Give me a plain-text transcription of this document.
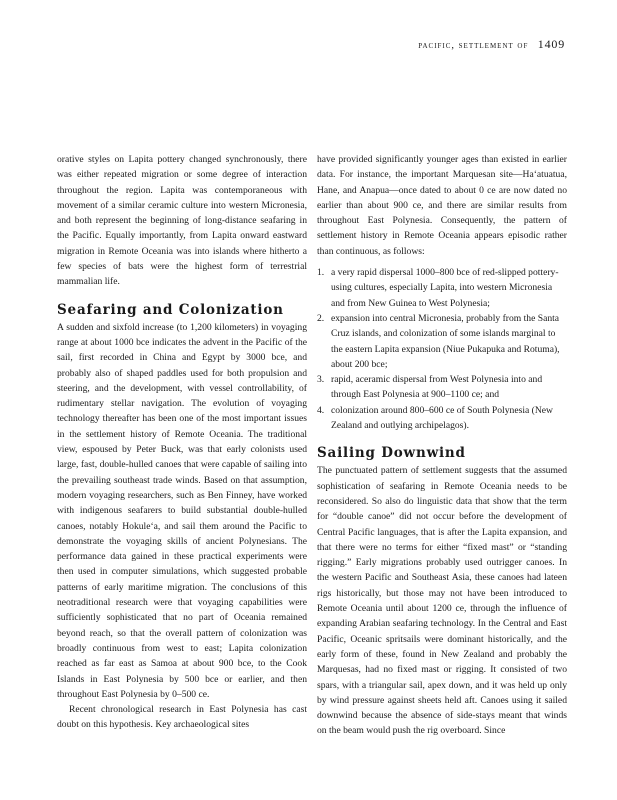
pacific, settlement of 1409

orative styles on Lapita pottery changed synchronously, there was either repeated migration or some degree of interaction throughout the region. Lapita was contemporaneous with movement of a similar ceramic culture into western Micronesia, and both represent the beginning of long-distance seafaring in the Pacific. Equally importantly, from Lapita onward eastward migration in Remote Oceania was into islands where hitherto a few species of bats were the highest form of terrestrial mammalian life.

Seafaring and Colonization

A sudden and sixfold increase (to 1,200 kilometers) in voyaging range at about 1000 bce indicates the advent in the Pacific of the sail, first recorded in China and Egypt by 3000 bce, and probably also of shaped paddles used for both propulsion and steering, and the development, with vessel controllability, of rudimentary stellar navigation. The evolution of voyaging technology thereafter has been one of the most important issues in the settlement history of Remote Oceania. The traditional view, espoused by Peter Buck, was that early colonists used large, fast, double-hulled canoes that were capable of sailing into the prevailing southeast trade winds. Based on that assumption, modern voyaging researchers, such as Ben Finney, have worked with indigenous seafarers to build substantial double-hulled canoes, notably Hokule‘a, and sail them around the Pacific to demonstrate the voyaging skills of ancient Polynesians. The performance data gained in these practical experiments were then used in computer simulations, which suggested probable patterns of early maritime migration. The conclusions of this neotraditional research were that voyaging capabilities were sufficiently sophisticated that no part of Oceania remained beyond reach, so that the overall pattern of colonization was broadly continuous from west to east; Lapita colonization reached as far east as Samoa at about 900 bce, to the Cook Islands in East Polynesia by 500 bce or earlier, and then throughout East Polynesia by 0–500 ce.

Recent chronological research in East Polynesia has cast doubt on this hypothesis. Key archaeological sites

have provided significantly younger ages than existed in earlier data. For instance, the important Marquesan site—Ha‘atuatua, Hane, and Anapua—once dated to about 0 ce are now dated no earlier than about 900 ce, and there are similar results from throughout East Polynesia. Consequently, the pattern of settlement history in Remote Oceania appears episodic rather than continuous, as follows:

1. a very rapid dispersal 1000–800 bce of red-slipped pottery-using cultures, especially Lapita, into western Micronesia and from New Guinea to West Polynesia;
2. expansion into central Micronesia, probably from the Santa Cruz islands, and colonization of some islands marginal to the eastern Lapita expansion (Niue Pukapuka and Rotuma), about 200 bce;
3. rapid, aceramic dispersal from West Polynesia into and through East Polynesia at 900–1100 ce; and
4. colonization around 800–600 ce of South Polynesia (New Zealand and outlying archipelagos).
Sailing Downwind

The punctuated pattern of settlement suggests that the assumed sophistication of seafaring in Remote Oceania needs to be reconsidered. So also do linguistic data that show that the term for “double canoe” did not occur before the development of Central Pacific languages, that is after the Lapita expansion, and that there were no terms for either “fixed mast” or “standing rigging.” Early migrations probably used outrigger canoes. In the western Pacific and Southeast Asia, these canoes had lateen rigs historically, but those may not have been introduced to Remote Oceania until about 1200 ce, through the influence of expanding Arabian seafaring technology. In the Central and East Pacific, Oceanic spritsails were dominant historically, and the early form of these, found in New Zealand and probably the Marquesas, had no fixed mast or rigging. It consisted of two spars, with a triangular sail, apex down, and it was held up only by wind pressure against sheets held aft. Canoes using it sailed downwind because the absence of side-stays meant that winds on the beam would push the rig overboard. Since
